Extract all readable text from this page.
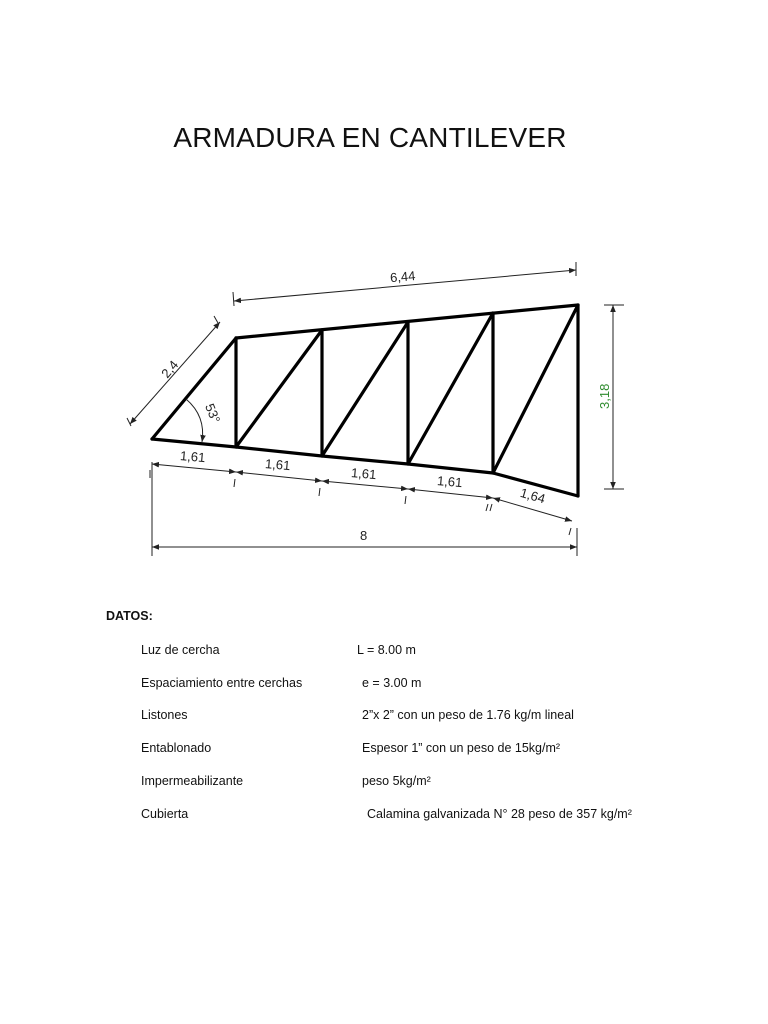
ARMADURA EN CANTILEVER
6,44
2,4
53°
3,18
1,61	1,61
1,61	1,61
1,64
8
DATOS:
Luz de cercha	L = 8.00 m
Espaciamiento entre cerchas	e = 3.00 m
Listones	2”x 2” con un peso de 1.76 kg/m lineal
Entablonado	Espesor 1” con un peso de 15kg/m²
Impermeabilizante	peso 5kg/m²
Cubierta	Calamina galvanizada N° 28 peso de 357 kg/m²
